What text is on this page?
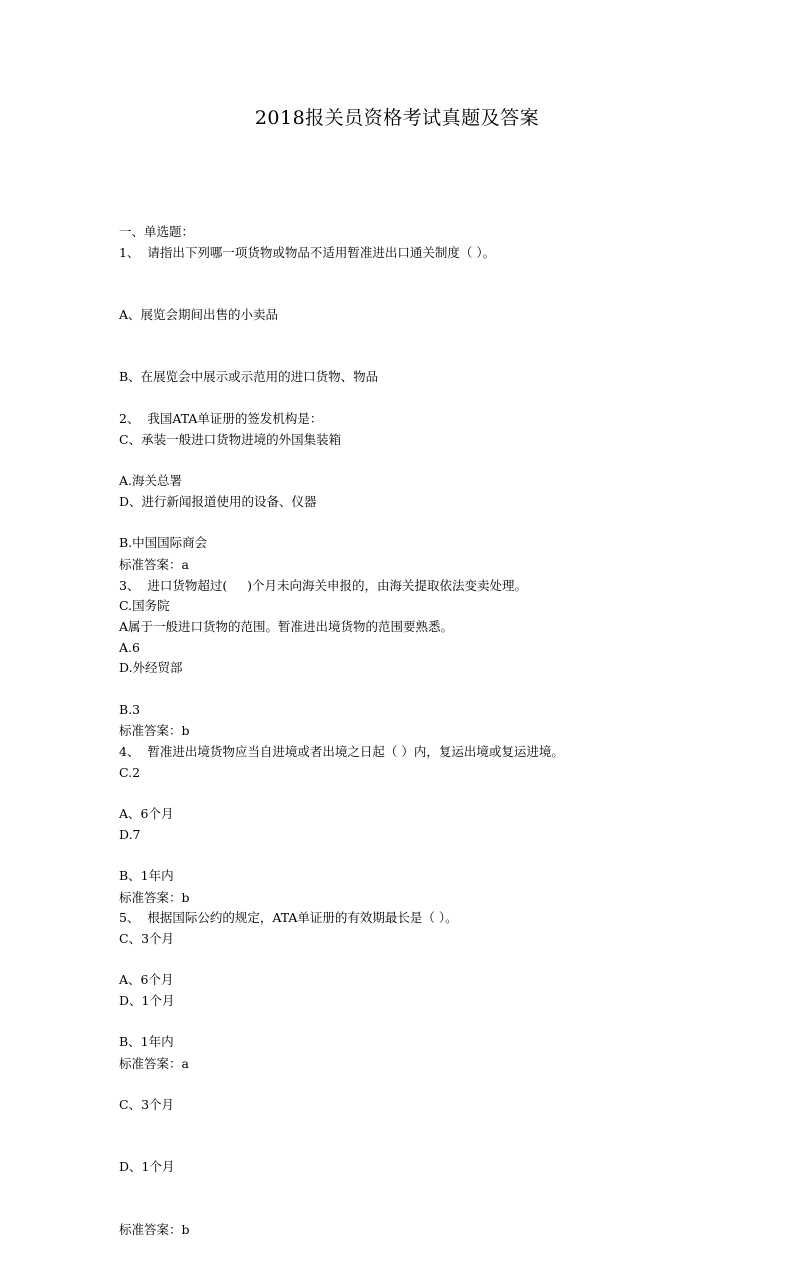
2018报关员资格考试真题及答案

一、单选题：

1、  请指出下列哪一项货物或物品不适用暂准进出口通关制度（ ）。

A、展览会期间出售的小卖品

B、在展览会中展示或示范用的进口货物、物品

C、承装一般进口货物进境的外国集装箱

D、进行新闻报道使用的设备、仪器

标准答案：a

A属于一般进口货物的范围。暂准进出境货物的范围要熟悉。

2、  我国ATA单证册的签发机构是：

A.海关总署

B.中国国际商会

C.国务院

D.外经贸部

标准答案：b

3、  进口货物超过(     )个月未向海关申报的，由海关提取依法变卖处理。

A.6

B.3

C.2

D.7

标准答案：b

4、  暂准进出境货物应当自进境或者出境之日起（ ）内，复运出境或复运进境。

A、6个月

B、1年内

C、3个月

D、1个月

标准答案：a

5、  根据国际公约的规定，ATA单证册的有效期最长是（ ）。

A、6个月

B、1年内

C、3个月

D、1个月

标准答案：b
